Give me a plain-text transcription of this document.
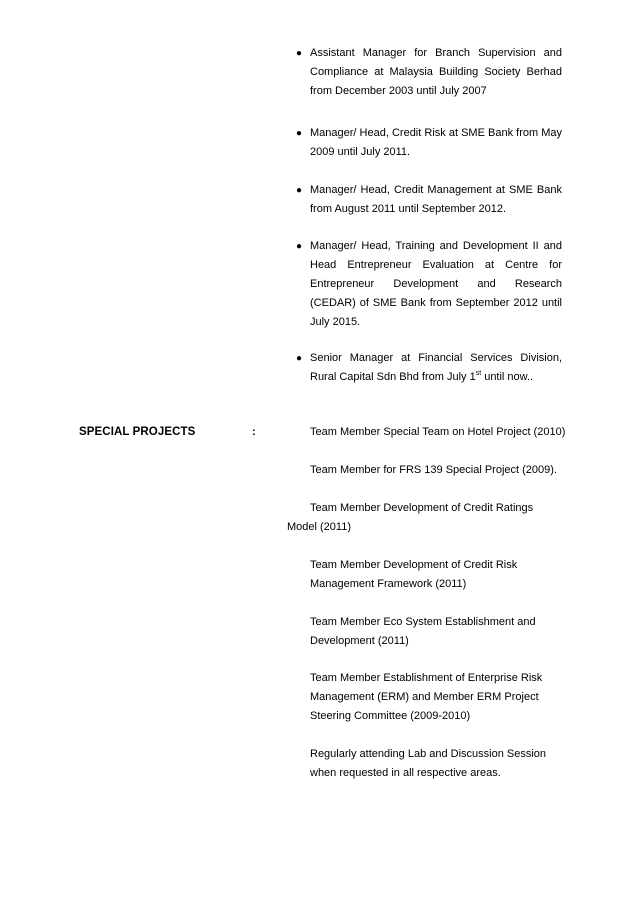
● Assistant Manager for Branch Supervision and Compliance at Malaysia Building Society Berhad from December 2003 until July 2007

● Manager/ Head, Credit Risk at SME Bank from May 2009 until July 2011.

● Manager/ Head, Credit Management at SME Bank from August 2011 until September 2012.

● Manager/ Head, Training and Development II and Head Entrepreneur Evaluation at Centre for Entrepreneur Development and Research (CEDAR) of SME Bank from September 2012 until July 2015.

● Senior Manager at Financial Services Division, Rural Capital Sdn Bhd from July 1st until now..

SPECIAL PROJECTS	:	Team Member Special Team on Hotel Project (2010)

Team Member for FRS 139 Special Project (2009).

Team Member Development of Credit Ratings

Model (2011)

Team Member Development of Credit Risk Management Framework (2011)

Team Member Eco System Establishment and Development (2011)

Team Member Establishment of Enterprise Risk Management (ERM) and Member ERM Project Steering Committee (2009-2010)

Regularly attending Lab and Discussion Session when requested in all respective areas.
